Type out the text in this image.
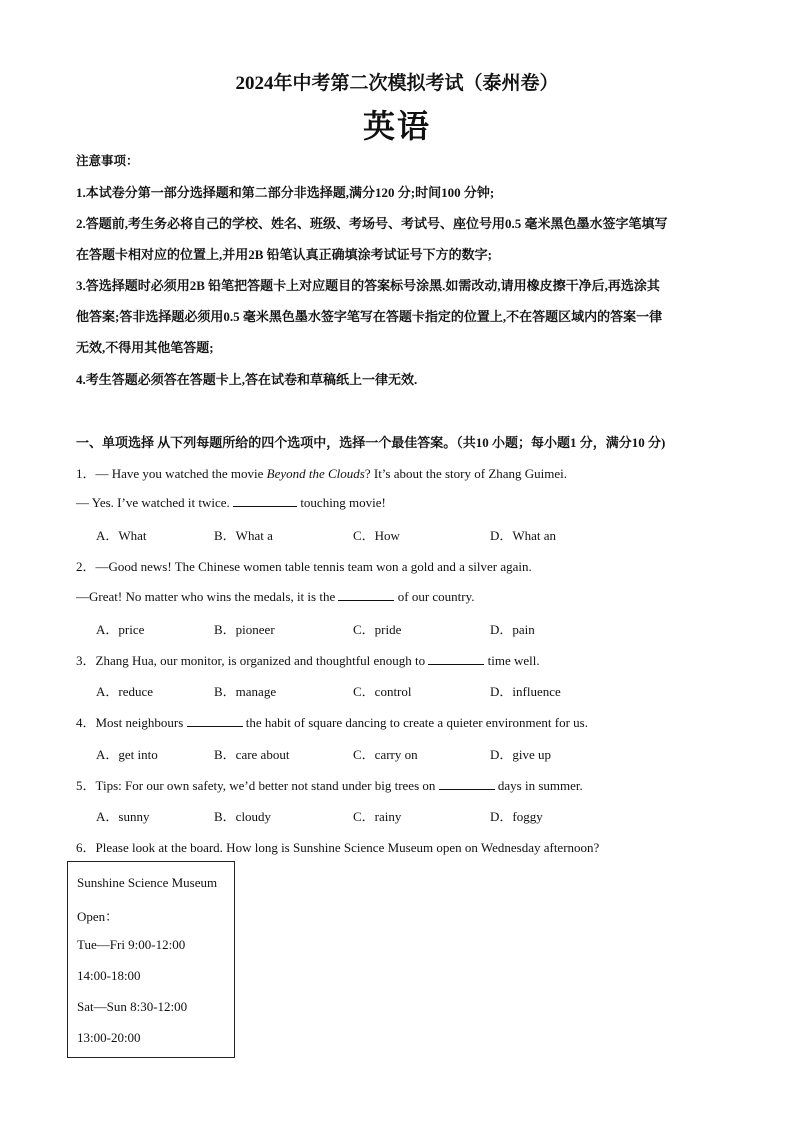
2024年中考第二次模拟考试（泰州卷）
英语
注意事项：
1.本试卷分第一部分选择题和第二部分非选择题,满分120 分;时间100 分钟;
2.答题前,考生务必将自己的学校、姓名、班级、考场号、考试号、座位号用0.5 毫米黑色墨水签字笔填写
在答题卡相对应的位置上,并用2B 铅笔认真正确填涂考试证号下方的数字;
3.答选择题时必须用2B 铅笔把答题卡上对应题目的答案标号涂黑.如需改动,请用橡皮擦干净后,再选涂其
他答案;答非选择题必须用0.5 毫米黑色墨水签字笔写在答题卡指定的位置上,不在答题区域内的答案一律
无效,不得用其他笔答题;
4.考生答题必须答在答题卡上,答在试卷和草稿纸上一律无效.
一、单项选择 从下列每题所给的四个选项中，选择一个最佳答案。（共10 小题；每小题1 分，满分10 分)
1．— Have you watched the movie Beyond the Clouds? It’s about the story of Zhang Guimei.
— Yes. I’ve watched it twice.	touching movie!
A．What	B．What a	C．How	D．What an
2．—Good news! The Chinese women table tennis team won a gold and a silver again.
—Great! No matter who wins the medals, it is the	of our country.
A．price	B．pioneer	C．pride	D．pain
3．Zhang Hua, our monitor, is organized and thoughtful enough to	time well.
A．reduce	B．manage	C．control	D．influence
4．Most neighbours	the habit of square dancing to create a quieter environment for us.
A．get into	B．care about	C．carry on	D．give up
5．Tips: For our own safety, we’d better not stand under big trees on	days in summer.
A．sunny	B．cloudy	C．rainy	D．foggy
6．Please look at the board. How long is Sunshine Science Museum open on Wednesday afternoon?
Sunshine Science Museum
Open：
Tue—Fri 9:00-12:00
14:00-18:00
Sat—Sun 8:30-12:00
13:00-20:00
